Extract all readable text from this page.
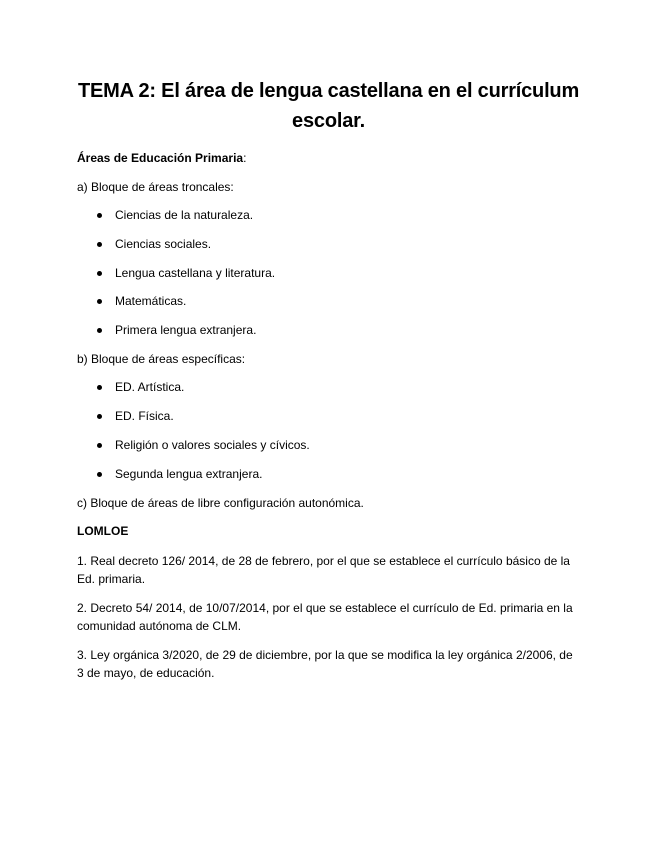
TEMA 2: El área de lengua castellana en el currículum escolar.

Áreas de Educación Primaria:

a) Bloque de áreas troncales:

Ciencias de la naturaleza.
Ciencias sociales.
Lengua castellana y literatura.
Matemáticas.
Primera lengua extranjera.

b) Bloque de áreas específicas:

ED. Artística.
ED. Física.
Religión o valores sociales y cívicos.
Segunda lengua extranjera.

c) Bloque de áreas de libre configuración autonómica.

LOMLOE

1. Real decreto 126/ 2014, de 28 de febrero, por el que se establece el currículo básico de la Ed. primaria.

2. Decreto 54/ 2014, de 10/07/2014, por el que se establece el currículo de Ed. primaria en la comunidad autónoma de CLM.

3. Ley orgánica 3/2020, de 29 de diciembre, por la que se modifica la ley orgánica 2/2006, de 3 de mayo, de educación.
